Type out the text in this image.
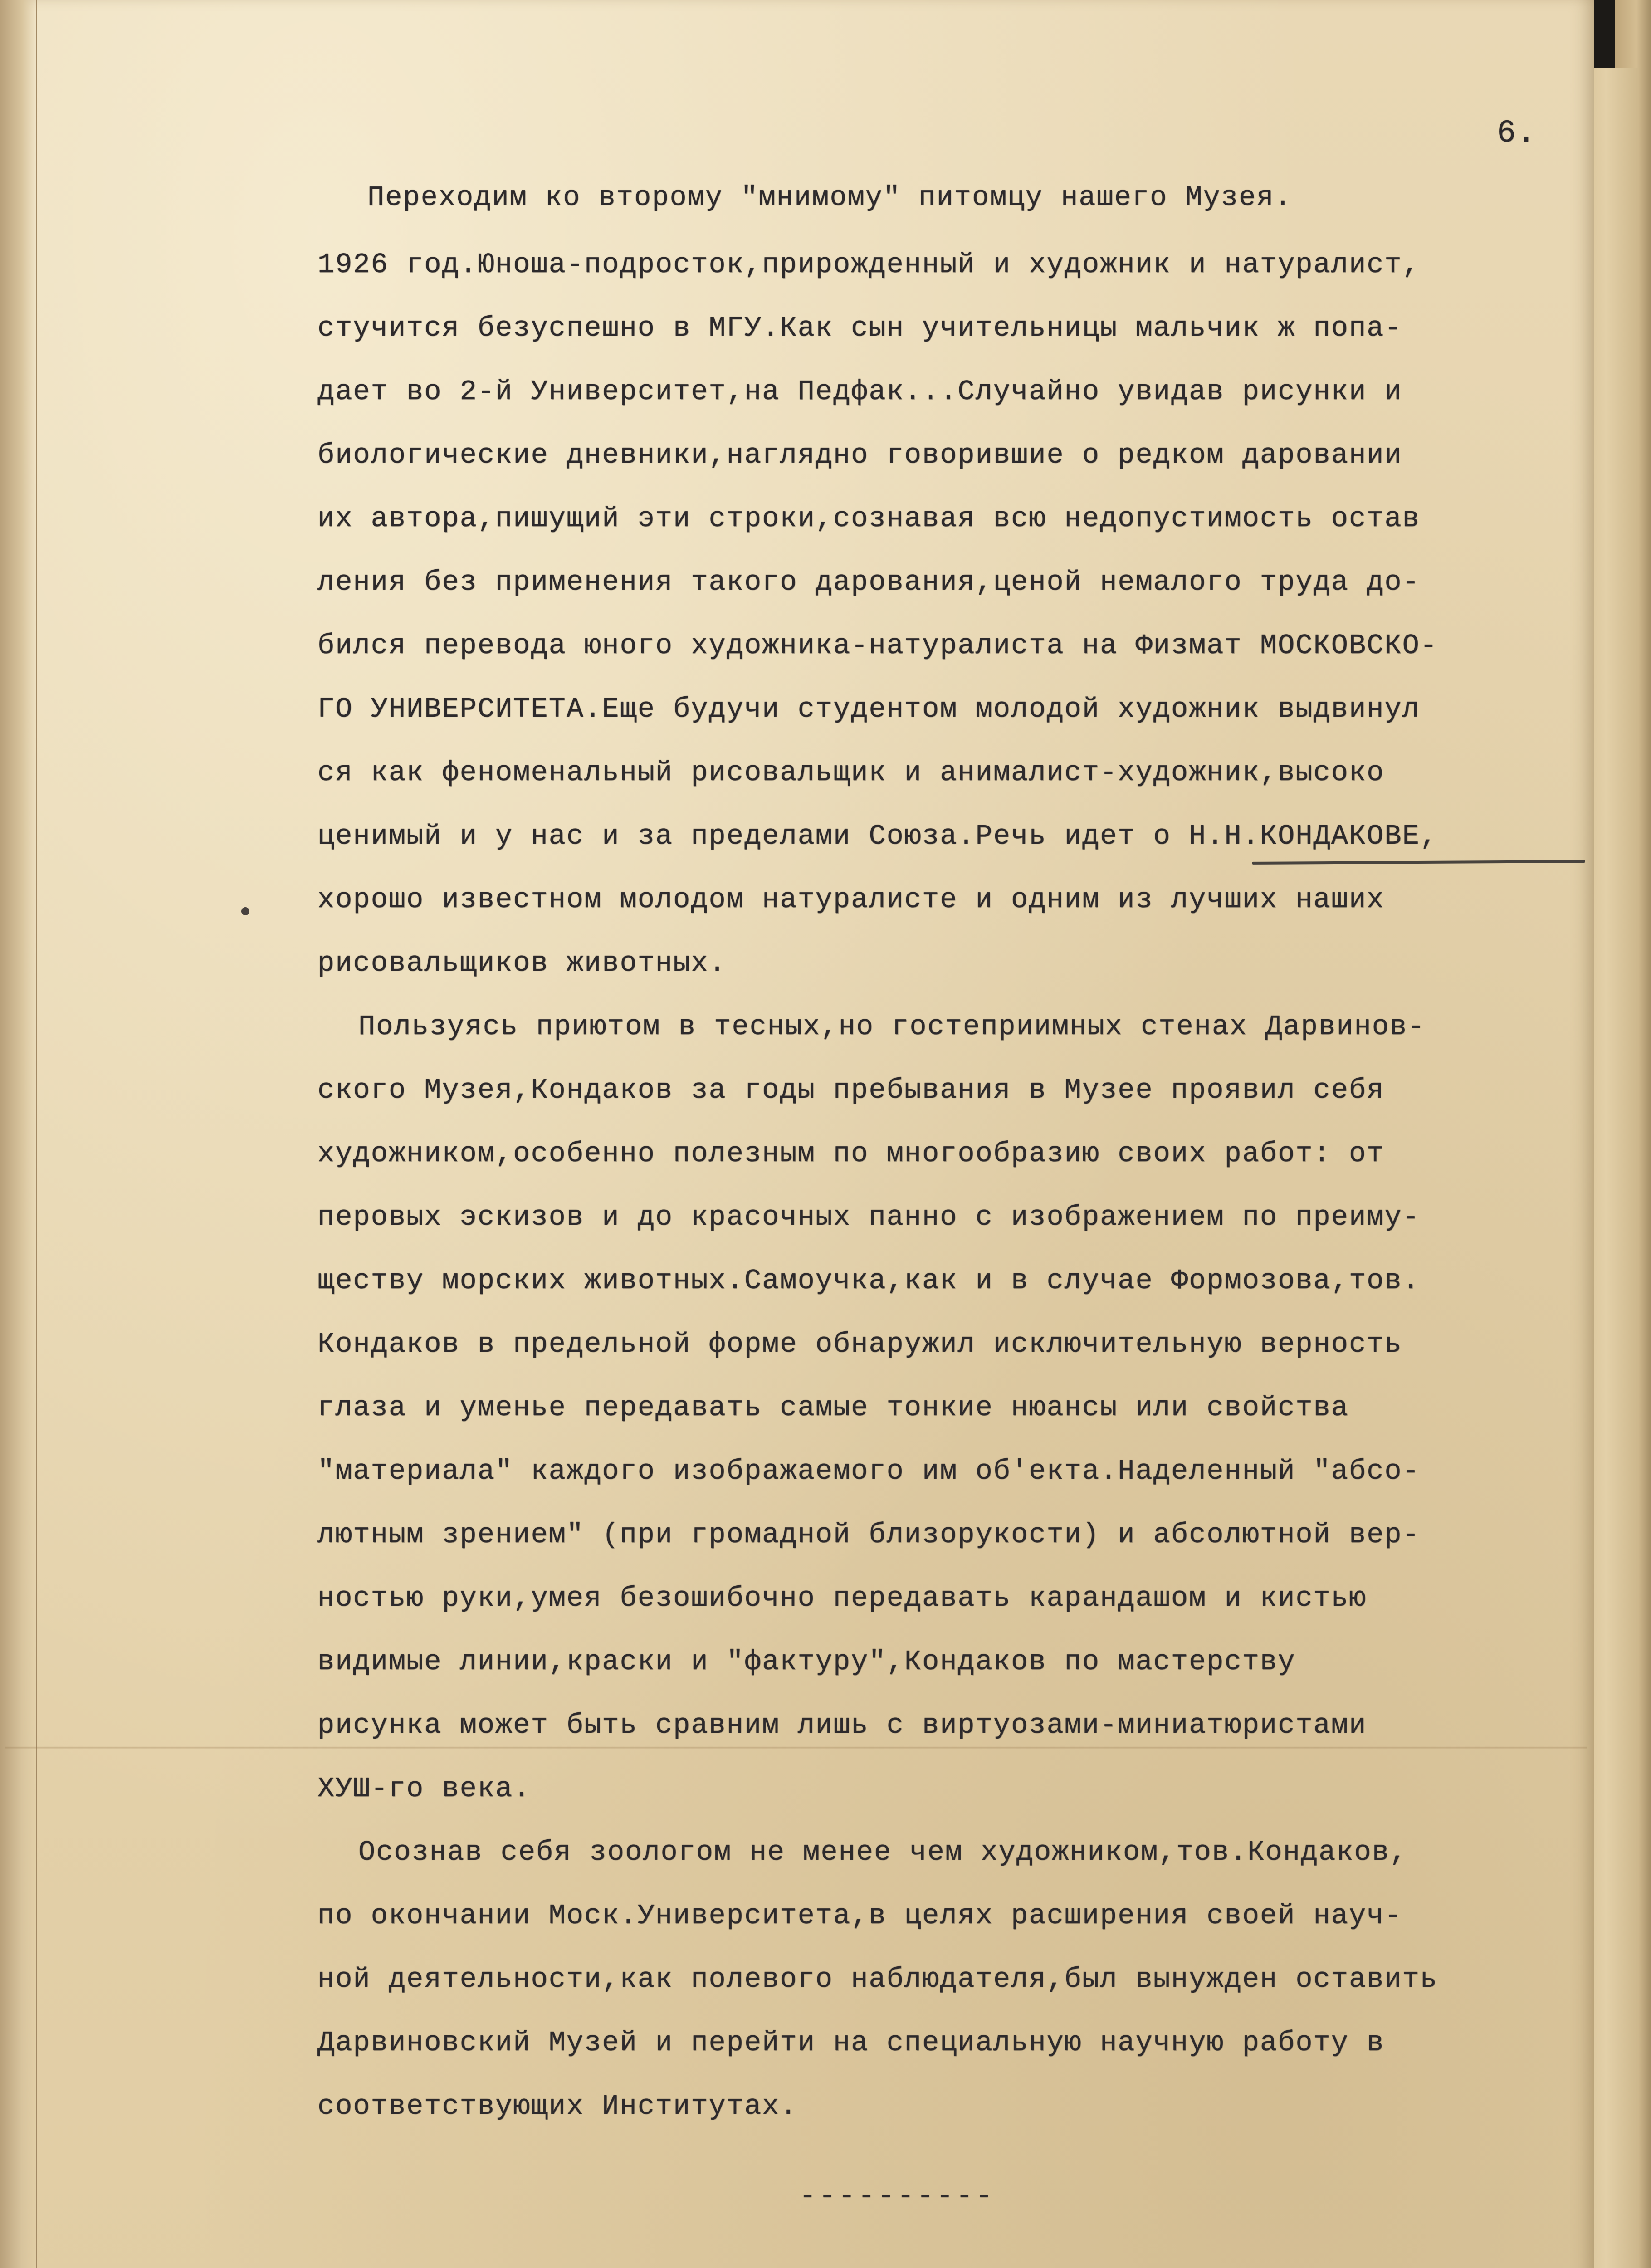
6.
Переходим ко второму "мнимому" питомцу нашего Музея.
1926 год.Юноша-подросток,прирожденный и художник и натуралист,
стучится безуспешно в МГУ.Как сын учительницы мальчик ж попа-
дает во 2-й Университет,на Педфак...Случайно увидав рисунки и
биологические дневники,наглядно говорившие о редком даровании
их автора,пишущий эти строки,сознавая всю недопустимость остав
ления без применения такого дарования,ценой немалого труда до-
бился перевода юного художника-натуралиста на Физмат МОСКОВСКО-
ГО УНИВЕРСИТЕТА.Еще будучи студентом молодой художник выдвинул
ся как феноменальный рисовальщик и анималист-художник,высоко
ценимый и у нас и за пределами Союза.Речь идет о Н.Н.КОНДАКОВЕ,
хорошо известном молодом натуралисте и одним из лучших наших
рисовальщиков животных.
Пользуясь приютом в тесных,но гостеприимных стенах Дарвинов-
ского Музея,Кондаков за годы пребывания в Музее проявил себя
художником,особенно полезным по многообразию своих работ: от
перовых эскизов и до красочных панно с изображением по преиму-
ществу морских животных.Самоучка,как и в случае Формозова,тов.
Кондаков в предельной форме обнаружил исключительную верность
глаза и уменье передавать самые тонкие нюансы или свойства
"материала" каждого изображаемого им об'екта.Наделенный "абсо-
лютным зрением" (при громадной близорукости) и абсолютной вер-
ностью руки,умея безошибочно передавать карандашом и кистью
видимые линии,краски и "фактуру",Кондаков по мастерству
рисунка может быть сравним лишь с виртуозами-миниатюристами
ХУШ-го века.
Осознав себя зоологом не менее чем художником,тов.Кондаков,
по окончании Моск.Университета,в целях расширения своей науч-
ной деятельности,как полевого наблюдателя,был вынужден оставить
Дарвиновский Музей и перейти на специальную научную работу в
соответствующих Институтах.
----------
